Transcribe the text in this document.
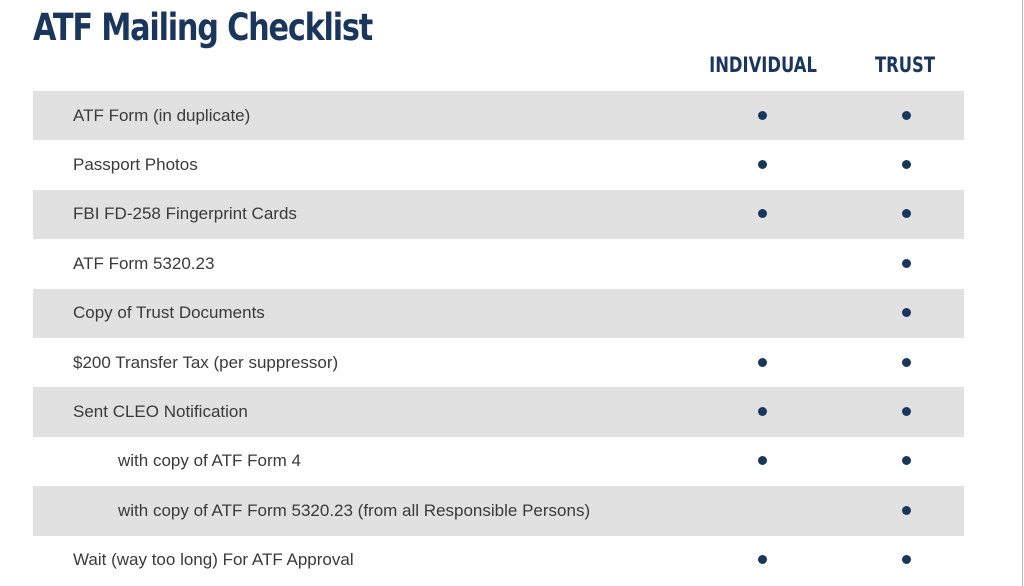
ATF Mailing Checklist
INDIVIDUAL	TRUST
ATF Form (in duplicate)
Passport Photos
FBI FD-258 Fingerprint Cards
ATF Form 5320.23
Copy of Trust Documents
$200 Transfer Tax (per suppressor)
Sent CLEO Notification
with copy of ATF Form 4
with copy of ATF Form 5320.23 (from all Responsible Persons)
Wait (way too long) For ATF Approval
